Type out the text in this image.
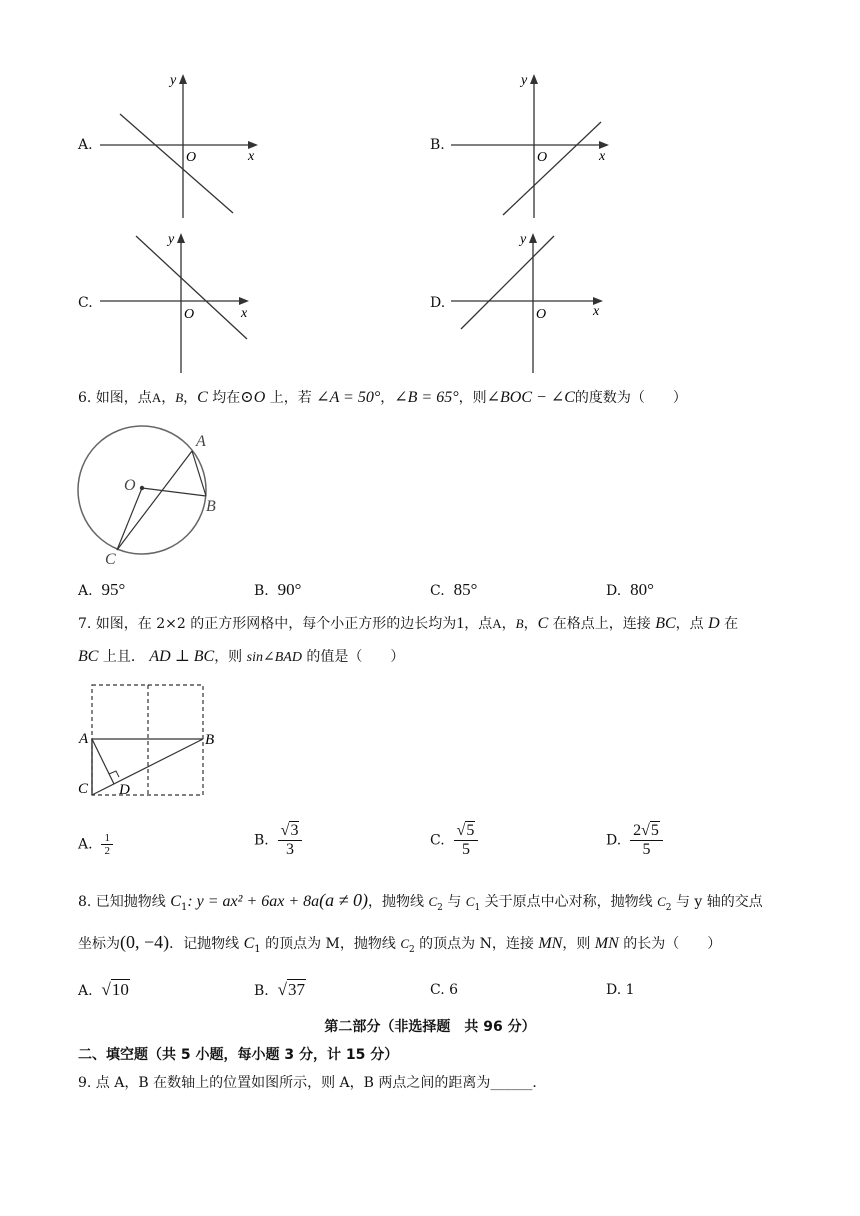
A.
y
x
O
B.
y
x
O
C.
y
x
O
D.
y
x
O
6. 如图，点A，B，C 均在⊙O 上，若 ∠A = 50°，∠B = 65°，则∠BOC − ∠C的度数为（　　）
A
B
C
O
A. 95°	B. 90°	C. 85°	D. 80°
7. 如图，在 2×2 的正方形网格中，每个小正方形的边长均为1，点A，B，C 在格点上，连接 BC，点 D 在
BC 上且． AD ⊥ BC，则 sin∠BAD 的值是（　　）
A	B
C D
A. $\frac{1}{2}$	B. $\frac{√3}{3}$	C. $\frac{√5}{5}$	D. $\frac{2√5}{5}$
8. 已知抛物线 $C_1$: y = ax² + 6ax + 8a(a ≠ 0)，抛物线 $C_2$ 与 $C_1$ 关于原点中心对称，抛物线 $C_2$ 与 y 轴的交点
坐标为(0, −4)．记抛物线 $C_1$ 的顶点为 M，抛物线 $C_2$ 的顶点为 N，连接 MN，则 MN 的长为（　　）
A. √10	B. √37	C. 6	D. 1
第二部分（非选择题　共 96 分）
二、填空题（共 5 小题，每小题 3 分，计 15 分）
9. 点 A，B 在数轴上的位置如图所示，则 A，B 两点之间的距离为______．
